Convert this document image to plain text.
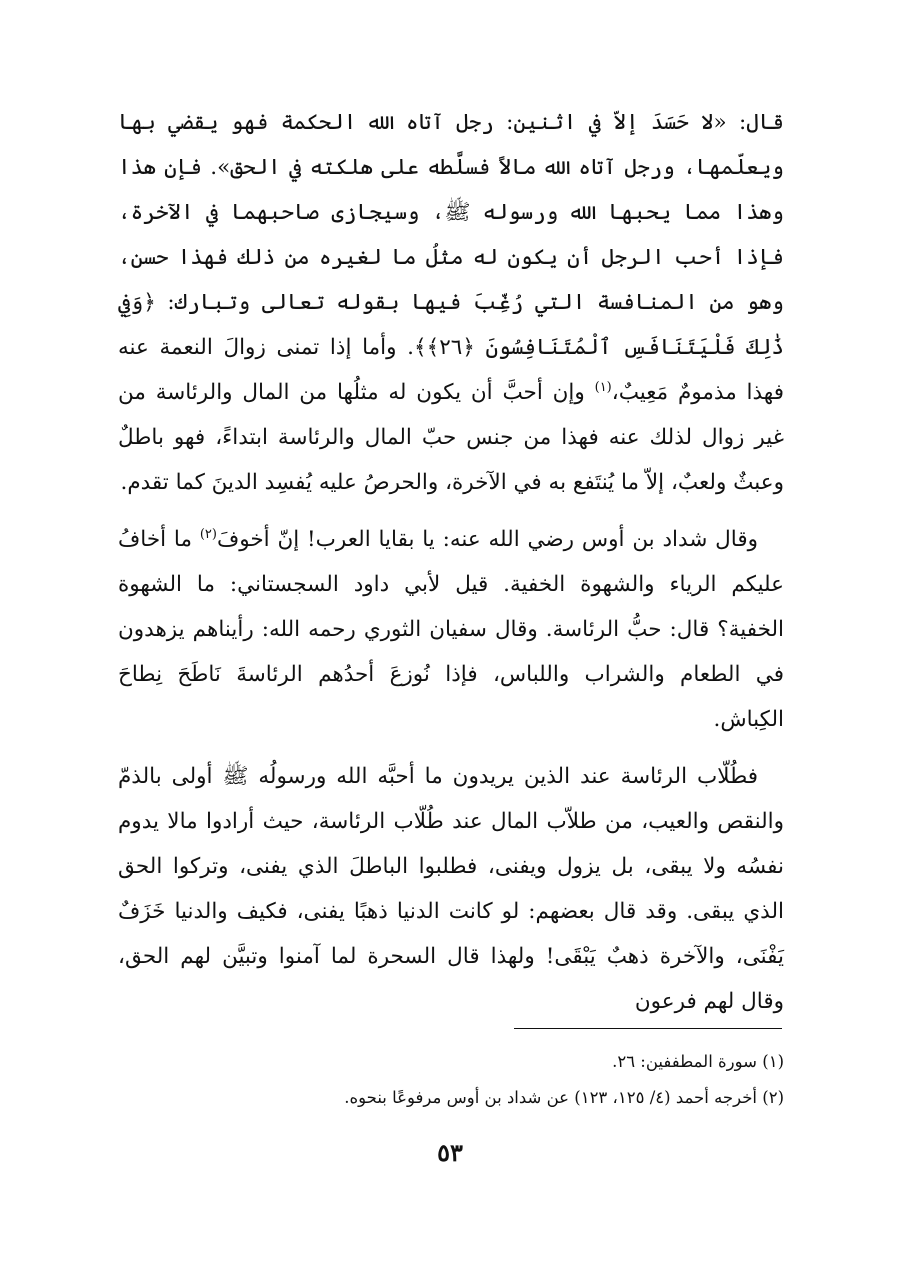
قال: «لا حَسَدَ إلاّ في اثنين: رجل آتاه الله الحكمة فهو يقضي بها ويعلّمها، ورجل آتاه الله مالاً فسلَّطه على هلكته في الحق». فإن هذا وهذا مما يحبها الله ورسوله ﷺ، وسيجازى صاحبهما في الآخرة، فإذا أحب الرجل أن يكون له مثلُ ما لغيره من ذلك فهذا حسن، وهو من المنافسة التي رُغِّبَ فيها بقوله تعالى وتبارك: ﴿وَفِي ذَٰلِكَ فَلْيَتَنَافَسِ ٱلْمُتَنَافِسُونَ ﴿٢٦﴾﴾. وأما إذا تمنى زوالَ النعمة عنه فهذا مذمومٌ مَعِيبٌ،$^{(١)}$ وإن أحبَّ أن يكون له مثلُها من المال والرئاسة من غير زوال لذلك عنه فهذا من جنس حبّ المال والرئاسة ابتداءً، فهو باطلٌ وعبثٌ ولعبٌ، إلاّ ما يُنتَفع به في الآخرة، والحرصُ عليه يُفسِد الدينَ كما تقدم.

وقال شداد بن أوس رضي الله عنه: يا بقايا العرب! إنّ أخوفَ$^{(٢)}$ ما أخافُ عليكم الرياء والشهوة الخفية. قيل لأبي داود السجستاني: ما الشهوة الخفية؟ قال: حبُّ الرئاسة. وقال سفيان الثوري رحمه الله: رأيناهم يزهدون في الطعام والشراب واللباس، فإذا نُوزعَ أحدُهم الرئاسةَ نَاطَحَ نِطاحَ الكِباش.

فطُلّاب الرئاسة عند الذين يريدون ما أحبَّه الله ورسولُه ﷺ أولى بالذمّ والنقص والعيب، من طلاّب المال عند طُلّاب الرئاسة، حيث أرادوا مالا يدوم نفسُه ولا يبقى، بل يزول ويفنى، فطلبوا الباطلَ الذي يفنى، وتركوا الحق الذي يبقى. وقد قال بعضهم: لو كانت الدنيا ذهبًا يفنى، فكيف والدنيا خَزَفٌ يَفْنَى، والآخرة ذهبٌ يَبْقَى! ولهذا قال السحرة لما آمنوا وتبيَّن لهم الحق، وقال لهم فرعون

(١) سورة المطففين: ٢٦.

(٢) أخرجه أحمد (٤/ ١٢٥، ١٢٣) عن شداد بن أوس مرفوعًا بنحوه.

٥٣
